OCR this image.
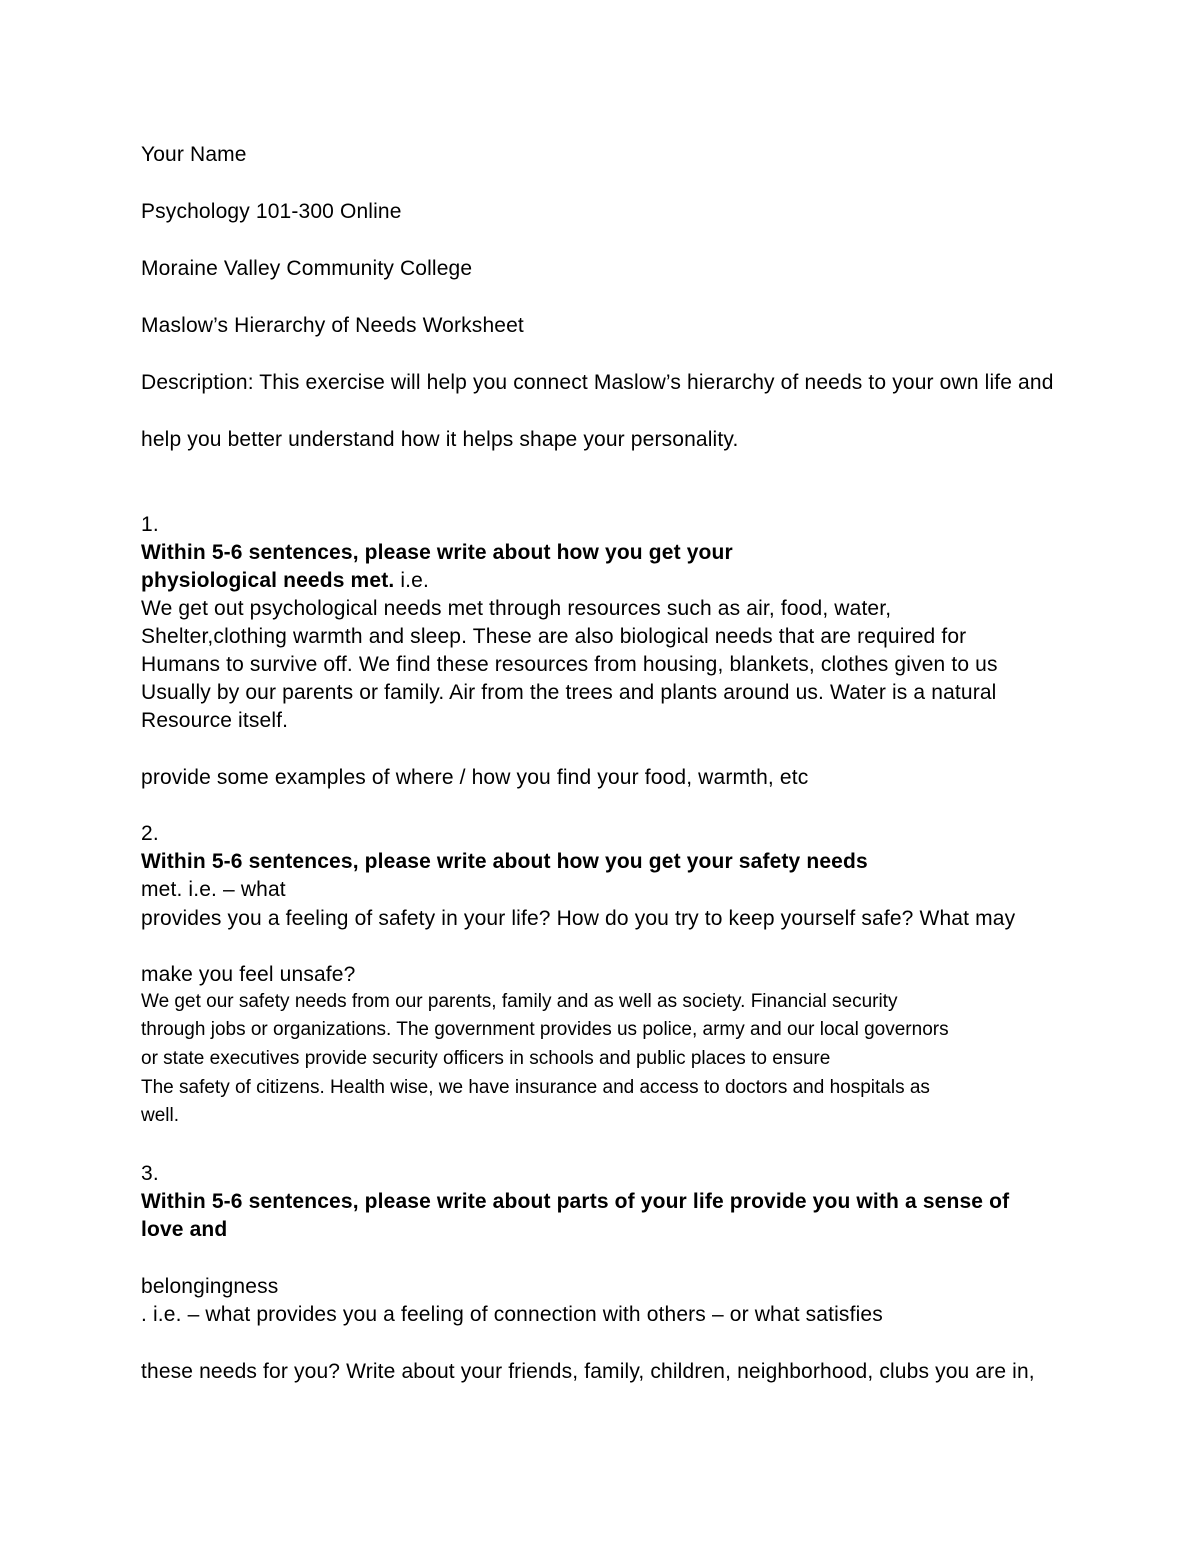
Your Name

Psychology 101-300 Online

Moraine Valley Community College

Maslow’s Hierarchy of Needs Worksheet

Description: This exercise will help you connect Maslow’s hierarchy of needs to your own life and

help you better understand how it helps shape your personality.

1.

Within 5-6 sentences, please write about how you get your

physiological needs met. i.e.

We get out psychological needs met through resources such as air, food, water,

Shelter,clothing warmth and sleep. These are also biological needs that are required for

Humans to survive off. We find these resources from housing, blankets, clothes given to us

Usually by our parents or family. Air from the trees and plants around us. Water is a natural

Resource itself.

provide some examples of where / how you find your food, warmth, etc

2.

Within 5-6 sentences, please write about how you get your safety needs

met. i.e. – what

provides you a feeling of safety in your life? How do you try to keep yourself safe? What may

make you feel unsafe?

We get our safety needs from our parents, family and as well as society. Financial security

through jobs or organizations. The government provides us police, army and our local governors

or state executives provide security officers in schools and public places to ensure

The safety of citizens. Health wise, we have insurance and access to doctors and hospitals as

well.

3.

Within 5-6 sentences, please write about parts of your life provide you with a sense of

love and

belongingness

. i.e. – what provides you a feeling of connection with others – or what satisfies

these needs for you? Write about your friends, family, children, neighborhood, clubs you are in,
